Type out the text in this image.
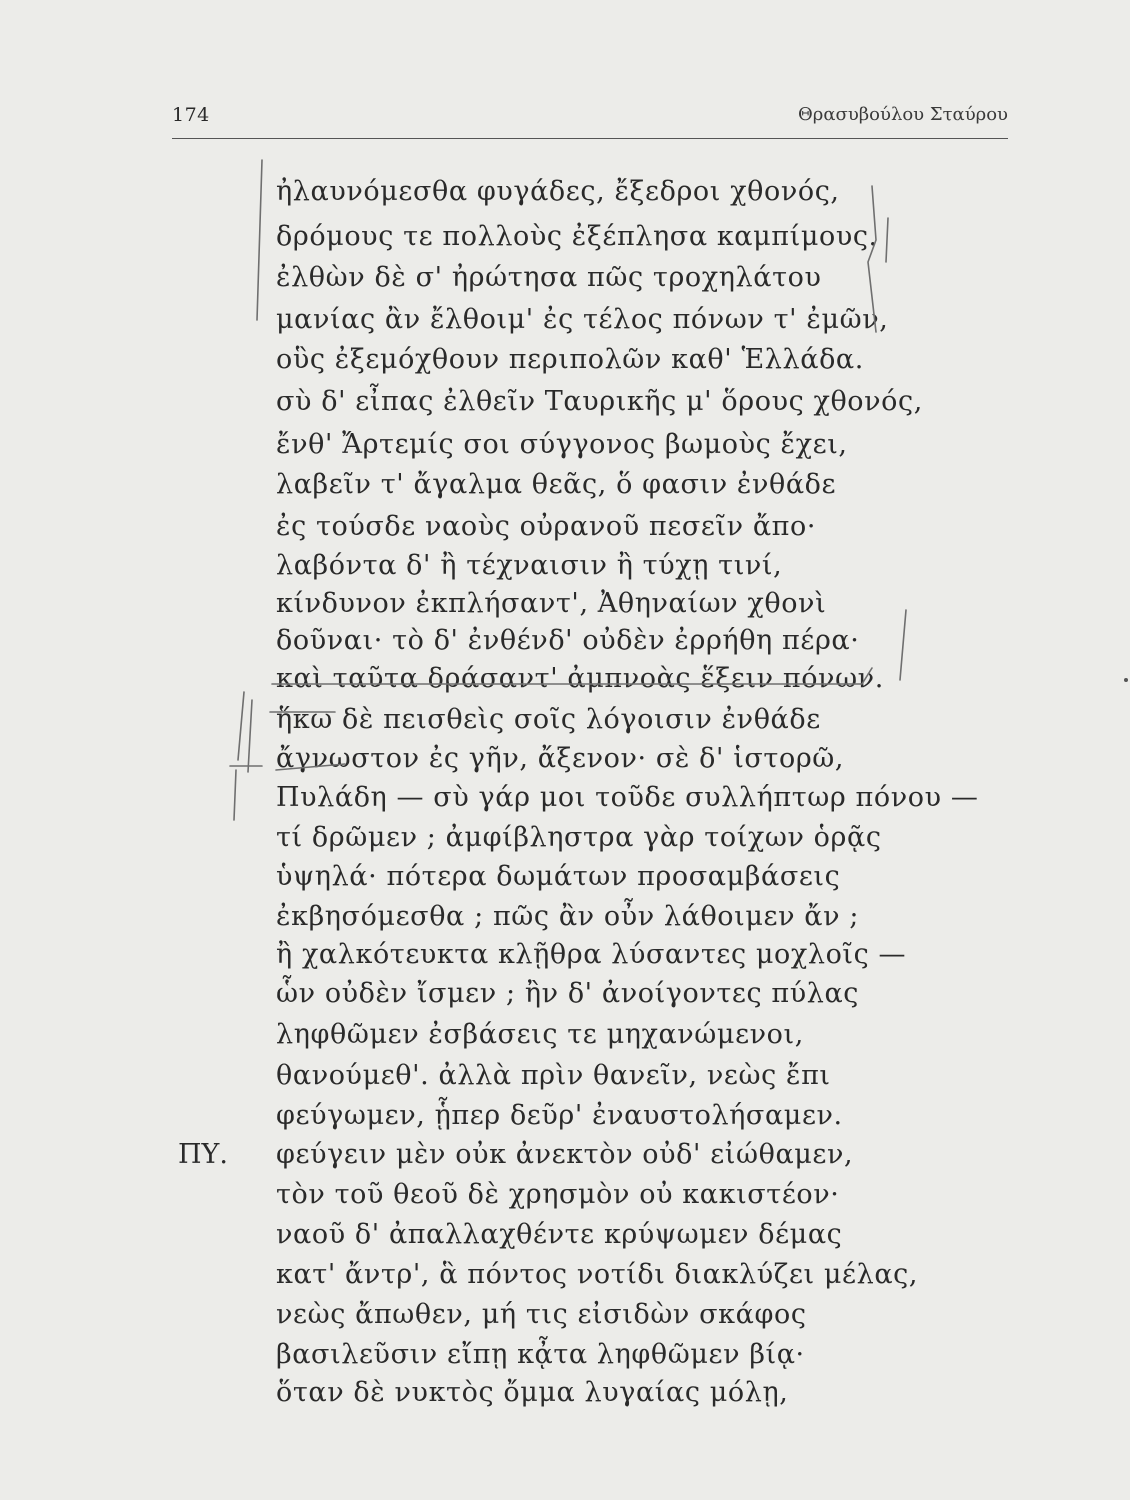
174	Θρασυβούλου Σταύρου
ἠλαυνόμεσθα φυγάδες, ἔξεδροι χθονός,
δρόμους τε πολλοὺς ἐξέπλησα καμπίμους.
ἐλθὼν δὲ σ' ἠρώτησα πῶς τροχηλάτου
μανίας ἂν ἔλθοιμ' ἐς τέλος πόνων τ' ἐμῶν,
οὓς ἐξεμόχθουν περιπολῶν καθ' Ἑλλάδα.
σὺ δ' εἶπας ἐλθεῖν Ταυρικῆς μ' ὅρους χθονός,
ἔνθ' Ἄρτεμίς σοι σύγγονος βωμοὺς ἔχει,
λαβεῖν τ' ἄγαλμα θεᾶς, ὅ φασιν ἐνθάδε
ἐς τούσδε ναοὺς οὐρανοῦ πεσεῖν ἄπο·
λαβόντα δ' ἢ τέχναισιν ἢ τύχῃ τινί,
κίνδυνον ἐκπλήσαντ', Ἀθηναίων χθονὶ
δοῦναι· τὸ δ' ἐνθένδ' οὐδὲν ἐρρήθη πέρα·
καὶ ταῦτα δράσαντ' ἀμπνοὰς ἕξειν πόνων.
ἥκω δὲ πεισθεὶς σοῖς λόγοισιν ἐνθάδε
ἄγνωστον ἐς γῆν, ἄξενον· σὲ δ' ἱστορῶ,
Πυλάδη — σὺ γάρ μοι τοῦδε συλλήπτωρ πόνου —
τί δρῶμεν ; ἀμφίβληστρα γὰρ τοίχων ὁρᾷς
ὑψηλά· πότερα δωμάτων προσαμβάσεις
ἐκβησόμεσθα ; πῶς ἂν οὖν λάθοιμεν ἄν ;
ἢ χαλκότευκτα κλῇθρα λύσαντες μοχλοῖς —
ὧν οὐδὲν ἴσμεν ; ἢν δ' ἀνοίγοντες πύλας
ληφθῶμεν ἐσβάσεις τε μηχανώμενοι,
θανούμεθ'. ἀλλὰ πρὶν θανεῖν, νεὼς ἔπι
φεύγωμεν, ᾗπερ δεῦρ' ἐναυστολήσαμεν.
φεύγειν μὲν οὐκ ἀνεκτὸν οὐδ' εἰώθαμεν,
τὸν τοῦ θεοῦ δὲ χρησμὸν οὐ κακιστέον·
ναοῦ δ' ἀπαλλαχθέντε κρύψωμεν δέμας
κατ' ἄντρ', ἃ πόντος νοτίδι διακλύζει μέλας,
νεὼς ἄπωθεν, μή τις εἰσιδὼν σκάφος
βασιλεῦσιν εἴπῃ κᾆτα ληφθῶμεν βίᾳ·
ὅταν δὲ νυκτὸς ὄμμα λυγαίας μόλῃ,
ΠΥ.
